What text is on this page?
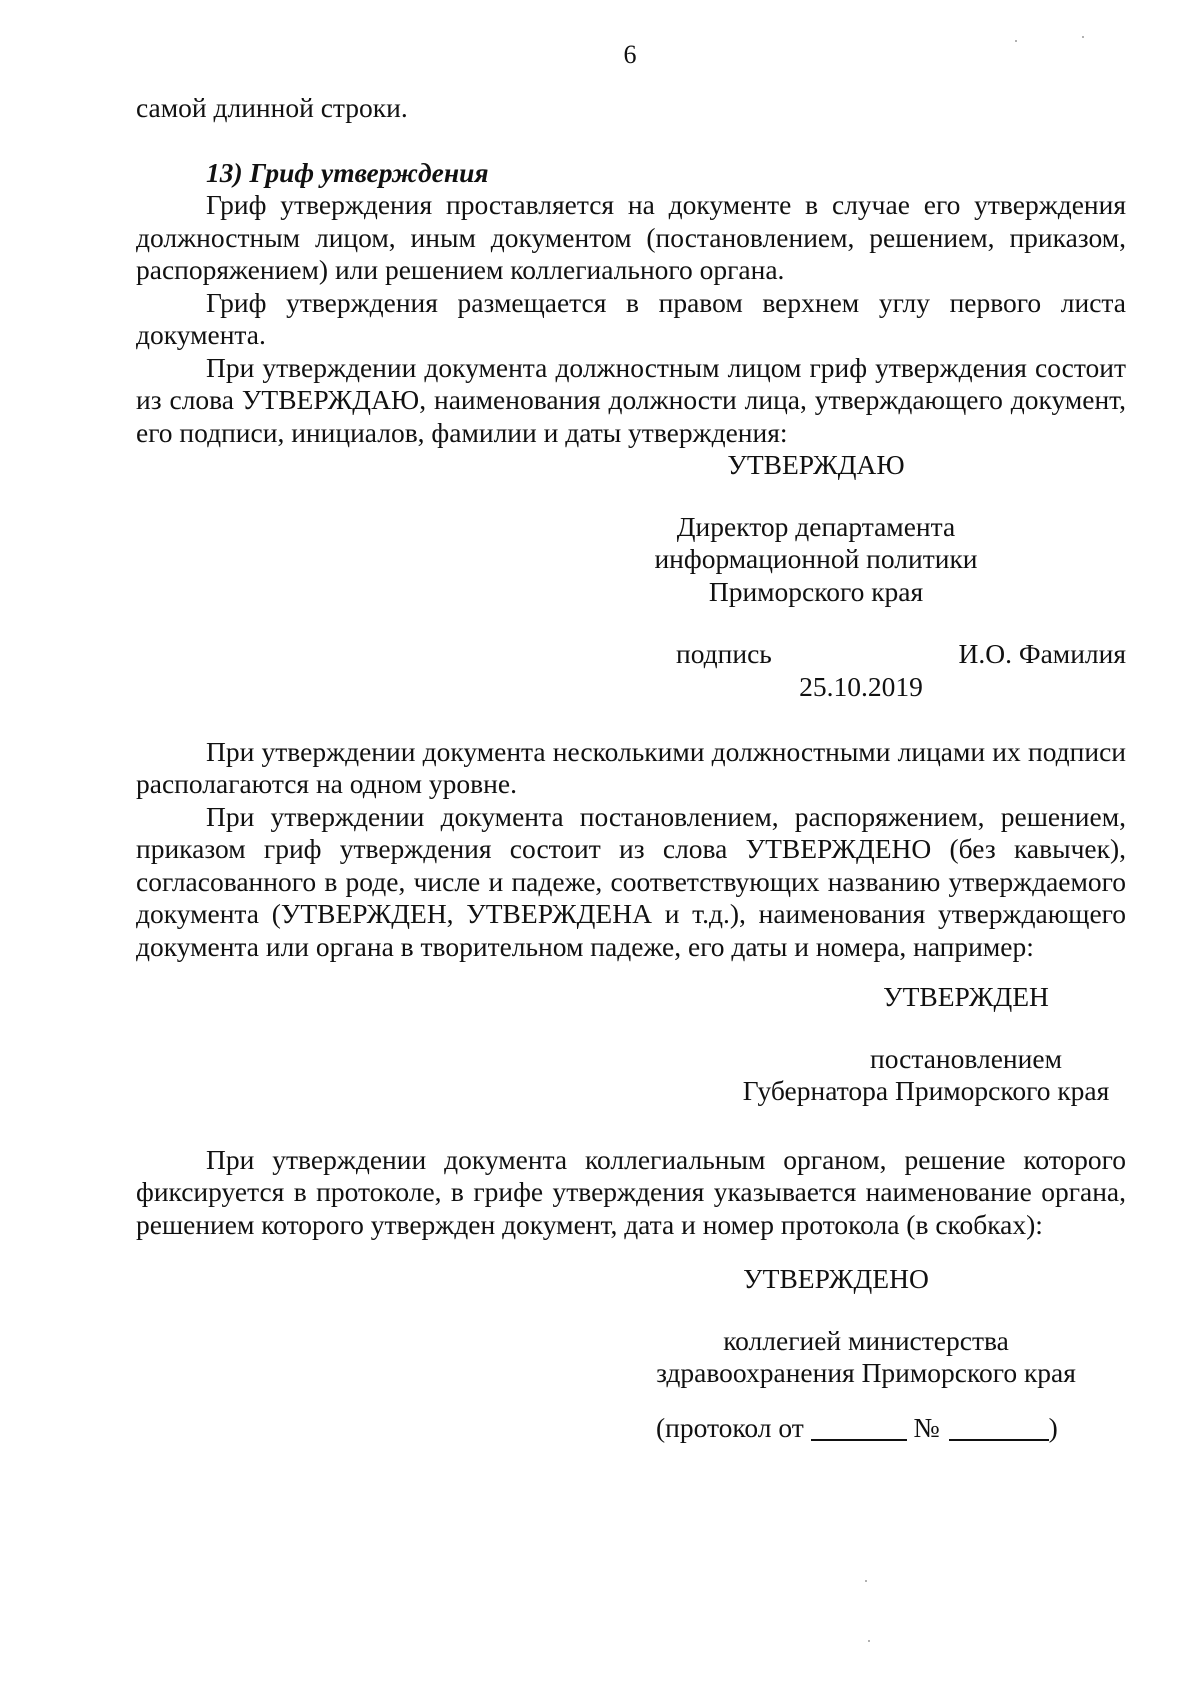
6

самой длинной строки.

13) Гриф утверждения

Гриф утверждения проставляется на документе в случае его утверждения должностным лицом, иным документом (постановлением, решением, приказом, распоряжением) или решением коллегиального органа.

Гриф утверждения размещается в правом верхнем углу первого листа документа.

При утверждении документа должностным лицом гриф утверждения состоит из слова УТВЕРЖДАЮ, наименования должности лица, утверждающего документ, его подписи, инициалов, фамилии и даты утверждения:

УТВЕРЖДАЮ
Директор департамента
информационной политики
Приморского края
подпись	И.О. Фамилия
25.10.2019

При утверждении документа несколькими должностными лицами их подписи располагаются на одном уровне.

При утверждении документа постановлением, распоряжением, решением, приказом гриф утверждения состоит из слова УТВЕРЖДЕНО (без кавычек), согласованного в роде, числе и падеже, соответствующих названию утверждаемого документа (УТВЕРЖДЕН, УТВЕРЖДЕНА и т.д.), наименования утверждающего документа или органа в творительном падеже, его даты и номера, например:

УТВЕРЖДЕН
постановлением
Губернатора Приморского края

При утверждении документа коллегиальным органом, решение которого фиксируется в протоколе, в грифе утверждения указывается наименование органа, решением которого утвержден документ, дата и номер протокола (в скобках):

УТВЕРЖДЕНО
коллегией министерства
здравоохранения Приморского края
(протокол от	№	)
